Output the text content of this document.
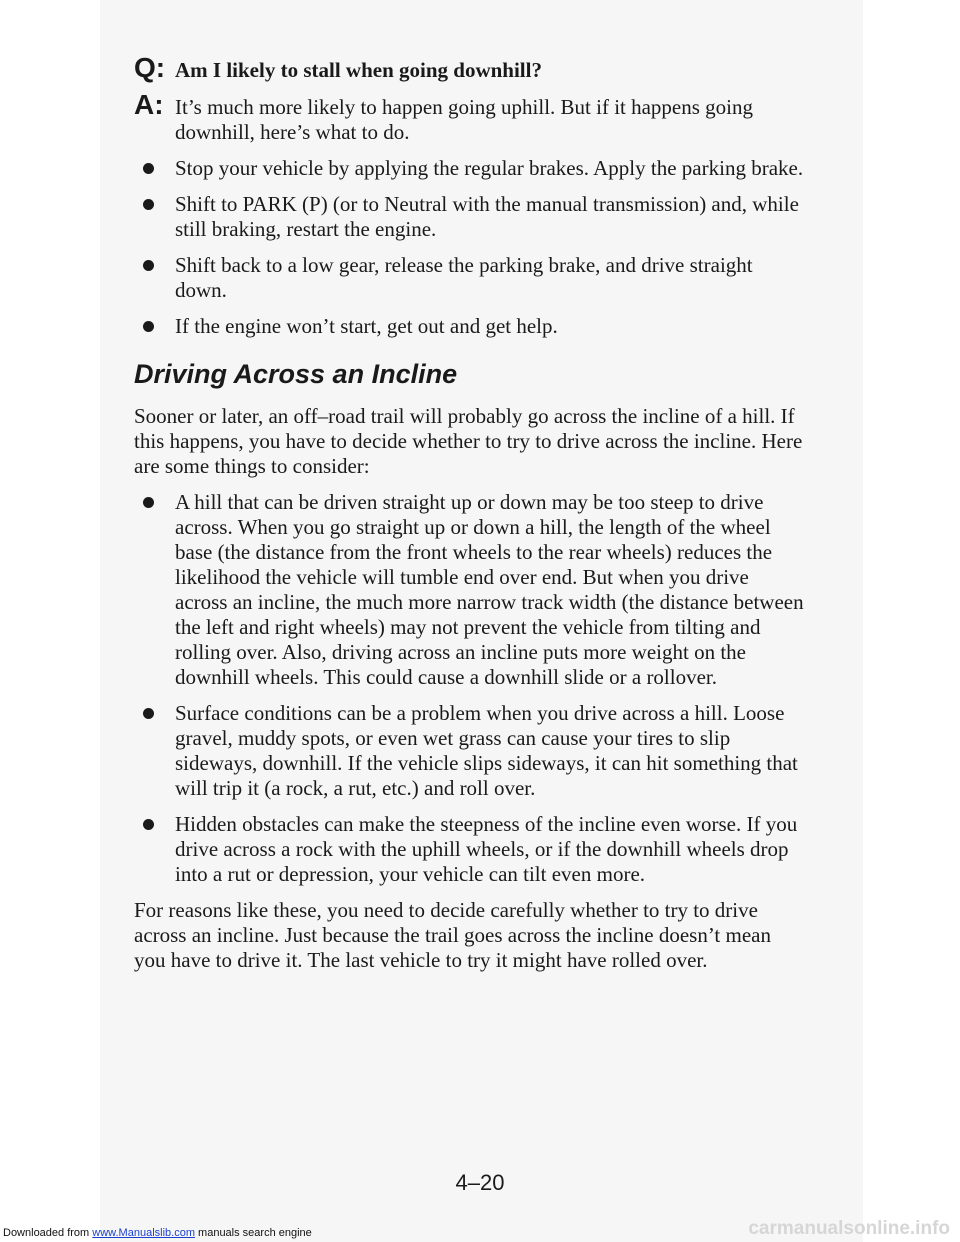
Q: Am I likely to stall when going downhill?
A: It’s much more likely to happen going uphill. But if it happens going downhill, here’s what to do.
Stop your vehicle by applying the regular brakes. Apply the parking brake.
Shift to PARK (P) (or to Neutral with the manual transmission) and, while still braking, restart the engine.
Shift back to a low gear, release the parking brake, and drive straight down.
If the engine won’t start, get out and get help.
Driving Across an Incline

Sooner or later, an off–road trail will probably go across the incline of a hill. If this happens, you have to decide whether to try to drive across the incline. Here are some things to consider:

A hill that can be driven straight up or down may be too steep to drive across. When you go straight up or down a hill, the length of the wheel base (the distance from the front wheels to the rear wheels) reduces the likelihood the vehicle will tumble end over end. But when you drive across an incline, the much more narrow track width (the distance between the left and right wheels) may not prevent the vehicle from tilting and rolling over. Also, driving across an incline puts more weight on the downhill wheels. This could cause a downhill slide or a rollover.
Surface conditions can be a problem when you drive across a hill. Loose gravel, muddy spots, or even wet grass can cause your tires to slip sideways, downhill. If the vehicle slips sideways, it can hit something that will trip it (a rock, a rut, etc.) and roll over.
Hidden obstacles can make the steepness of the incline even worse. If you drive across a rock with the uphill wheels, or if the downhill wheels drop into a rut or depression, your vehicle can tilt even more.

For reasons like these, you need to decide carefully whether to try to drive across an incline. Just because the trail goes across the incline doesn’t mean you have to drive it. The last vehicle to try it might have rolled over.

4–20
Downloaded from www.Manualslib.com manuals search engine	carmanualsonline.info
